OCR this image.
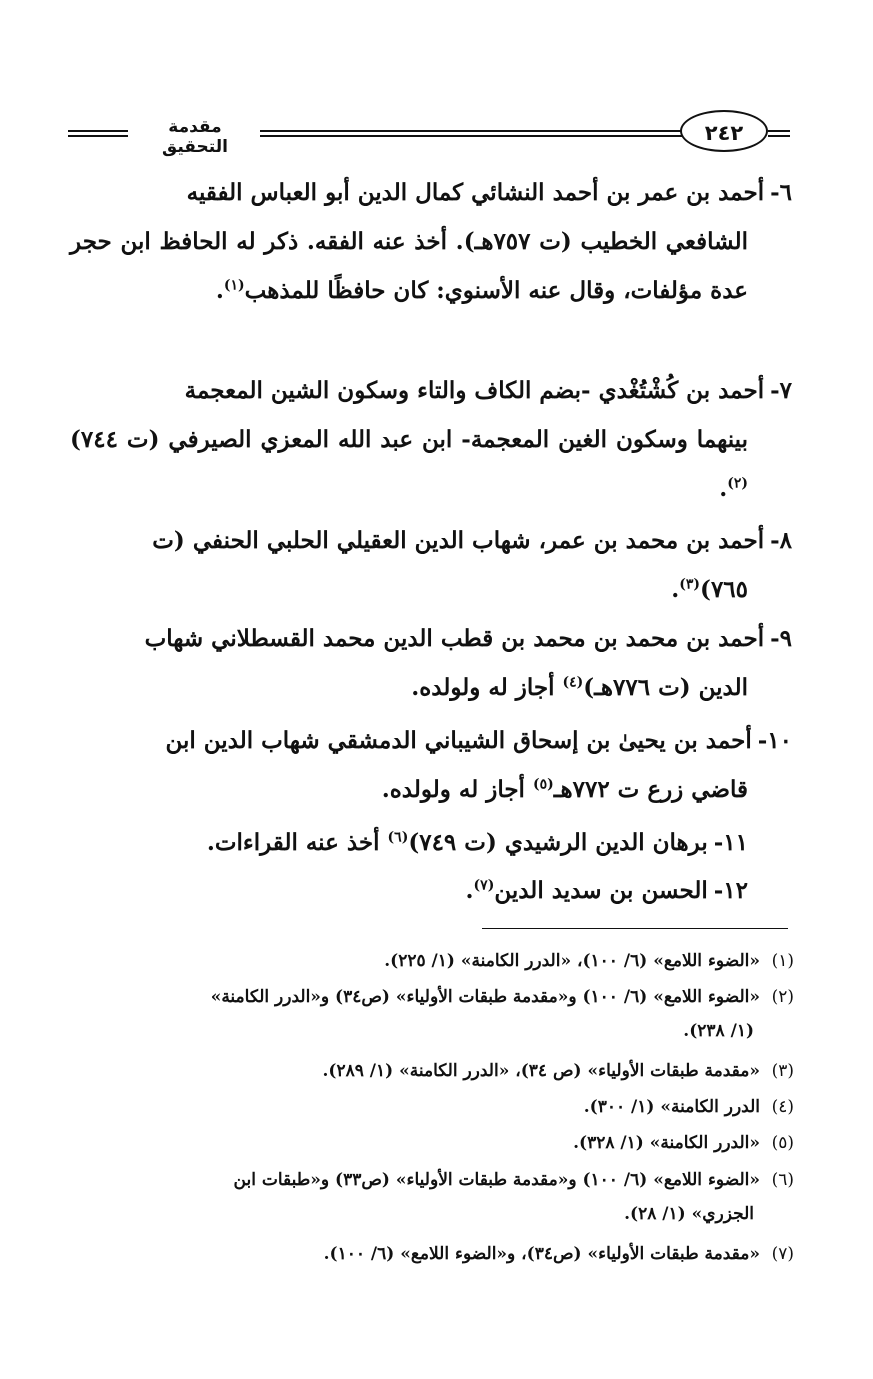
مقدمة التحقيق
٢٤٢
٦-أحمد بن عمر بن أحمد النشائي كمال الدين أبو العباس الفقيه
الشافعي الخطيب (ت ٧٥٧هـ). أخذ عنه الفقه. ذكر له الحافظ ابن حجر عدة مؤلفات، وقال عنه الأسنوي: كان حافظًا للمذهب$^{(١)}$.
٧-أحمد بن كُشْتُغْدي -بضم الكاف والتاء وسكون الشين المعجمة
بينهما وسكون الغين المعجمة- ابن عبد الله المعزي الصيرفي (ت ٧٤٤)$^{(٢)}$.
٨-أحمد بن محمد بن عمر، شهاب الدين العقيلي الحلبي الحنفي (ت
٧٦٥)$^{(٣)}$.
٩-أحمد بن محمد بن محمد بن قطب الدين محمد القسطلاني شهاب
الدين (ت ٧٧٦هـ)$^{(٤)}$ أجاز له ولولده.
١٠-أحمد بن يحيىٰ بن إسحاق الشيباني الدمشقي شهاب الدين ابن
قاضي زرع ت ٧٧٢هـ$^{(٥)}$ أجاز له ولولده.
١١-برهان الدين الرشيدي (ت ٧٤٩)$^{(٦)}$ أخذ عنه القراءات.
١٢-الحسن بن سديد الدين$^{(٧)}$.
(١)«الضوء اللامع» (٦/ ١٠٠)، «الدرر الكامنة» (١/ ٢٢٥).
(٢)«الضوء اللامع» (٦/ ١٠٠) و«مقدمة طبقات الأولياء» (ص٣٤) و«الدرر الكامنة»
(١/ ٢٣٨).
(٣)«مقدمة طبقات الأولياء» (ص ٣٤)، «الدرر الكامنة» (١/ ٢٨٩).
(٤)الدرر الكامنة» (١/ ٣٠٠).
(٥)«الدرر الكامنة» (١/ ٣٢٨).
(٦)«الضوء اللامع» (٦/ ١٠٠) و«مقدمة طبقات الأولياء» (ص٣٣) و«طبقات ابن
الجزري» (١/ ٢٨).
(٧)«مقدمة طبقات الأولياء» (ص٣٤)، و«الضوء اللامع» (٦/ ١٠٠).
